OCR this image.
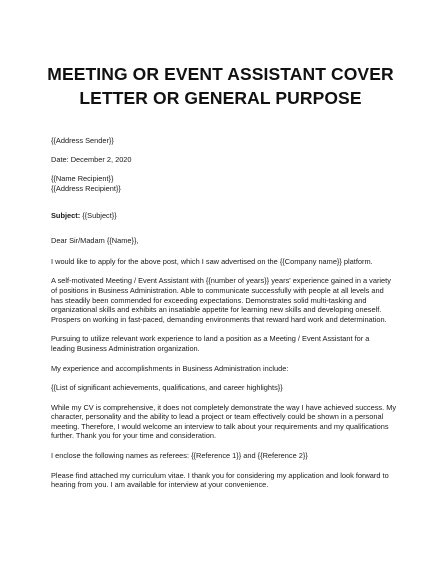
MEETING OR EVENT ASSISTANT COVER
LETTER OR GENERAL PURPOSE

{{Address Sender}}

Date: December 2, 2020

{{Name Recipient}}
{{Address Recipient}}

Subject: {{Subject}}

Dear Sir/Madam {{Name}},

I would like to apply for the above post, which I saw advertised on the {{Company name}} platform.

A self-motivated Meeting / Event Assistant with {{number of years}} years' experience gained in a variety
of positions in Business Administration. Able to communicate successfully with people at all levels and
has steadily been commended for exceeding expectations. Demonstrates solid multi-tasking and
organizational skills and exhibits an insatiable appetite for learning new skills and developing oneself.
Prospers on working in fast-paced, demanding environments that reward hard work and determination.

Pursuing to utilize relevant work experience to land a position as a Meeting / Event Assistant for a
leading Business Administration organization.

My experience and accomplishments in Business Administration include:

{{List of significant achievements, qualifications, and career highlights}}

While my CV is comprehensive, it does not completely demonstrate the way I have achieved success. My
character, personality and the ability to lead a project or team effectively could be shown in a personal
meeting. Therefore, I would welcome an interview to talk about your requirements and my qualifications
further. Thank you for your time and consideration.

I enclose the following names as referees: {{Reference 1}} and {{Reference 2}}

Please find attached my curriculum vitae. I thank you for considering my application and look forward to
hearing from you. I am available for interview at your convenience.
